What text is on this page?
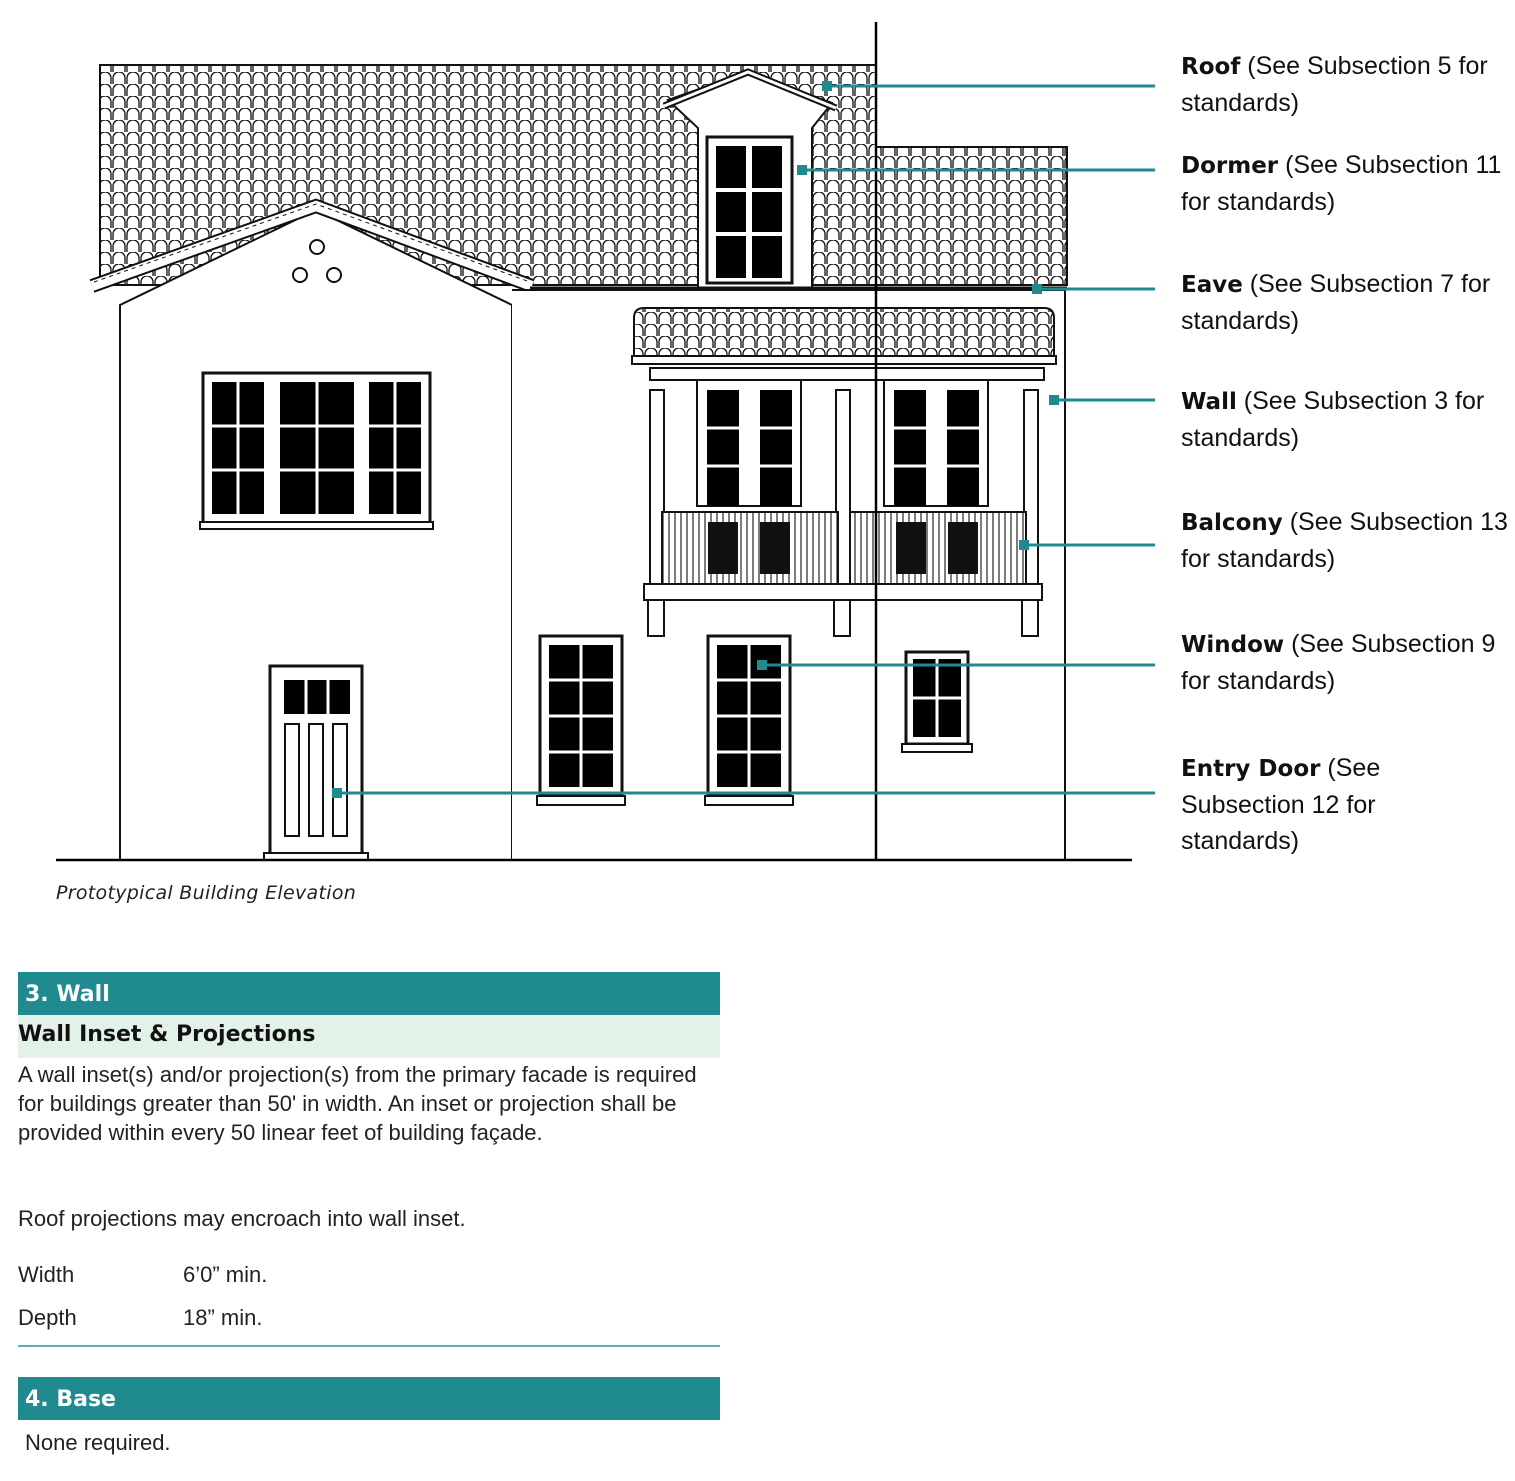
Roof (See Subsection 5 for standards)
Dormer (See Subsection 11 for standards)
Eave (See Subsection 7 for standards)
Wall (See Subsection 3 for standards)
Balcony (See Subsection 13 for standards)
Window (See Subsection 9 for standards)
Entry Door (See Subsection 12 for standards)
Prototypical Building Elevation
3. Wall
Wall Inset & Projections
A wall inset(s) and/or projection(s) from the primary facade is required for buildings greater than 50' in width. An inset or projection shall be provided within every 50 linear feet of building façade.
Roof projections may encroach into wall inset.
Width	6’0” min.
Depth	18” min.
4. Base
None required.
